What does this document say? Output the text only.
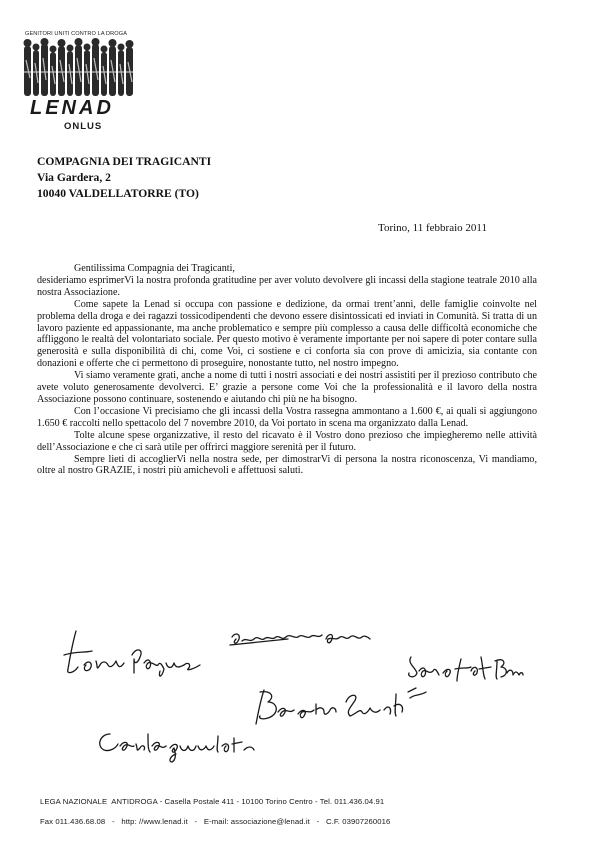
GENITORI UNITI CONTRO LA DROGA
LENAD
ONLUS
COMPAGNIA DEI TRAGICANTI
Via Gardera, 2
10040 VALDELLATORRE (TO)
Torino, 11 febbraio 2011

Gentilissima Compagnia dei Tragicanti,

desideriamo esprimerVi la nostra profonda gratitudine per aver voluto devolvere gli incassi della stagione teatrale 2010 alla nostra Associazione.

Come sapete la Lenad si occupa con passione e dedizione, da ormai trent’anni, delle famiglie coinvolte nel problema della droga e dei ragazzi tossicodipendenti che devono essere disintossicati ed inviati in Comunità. Si tratta di un lavoro paziente ed appassionante, ma anche problematico e sempre più complesso a causa delle difficoltà economiche che affliggono le realtà del volontariato sociale. Per questo motivo è veramente importante per noi sapere di poter contare sulla generosità e sulla disponibilità di chi, come Voi, ci sostiene e ci conforta sia con prove di amicizia, sia contante con donazioni e offerte che ci permettono di proseguire, nonostante tutto, nel nostro impegno.

Vi siamo veramente grati, anche a nome di tutti i nostri associati e dei nostri assistiti per il prezioso contributo che avete voluto generosamente devolverci. E’ grazie a persone come Voi che la professionalità e il lavoro della nostra Associazione possono continuare, sostenendo e aiutando chi più ne ha bisogno.

Con l’occasione Vi precisiamo che gli incassi della Vostra rassegna ammontano a 1.600 €, ai quali si aggiungono 1.650 € raccolti nello spettacolo del 7 novembre 2010, da Voi portato in scena ma organizzato dalla Lenad.

Tolte alcune spese organizzative, il resto del ricavato è il Vostro dono prezioso che impiegheremo nelle attività dell’Associazione e che ci sarà utile per offrirci maggiore serenità per il futuro.

Sempre lieti di accoglierVi nella nostra sede, per dimostrarVi di persona la nostra riconoscenza, Vi mandiamo, oltre al nostro GRAZIE, i nostri più amichevoli e affettuosi saluti.

LEGA NAZIONALE  ANTIDROGA - Casella Postale 411 - 10100 Torino Centro - Tel. 011.436.04.91
Fax 011.436.68.08   -   http: //www.lenad.it   -   E-mail: associazione@lenad.it   -   C.F. 03907260016
